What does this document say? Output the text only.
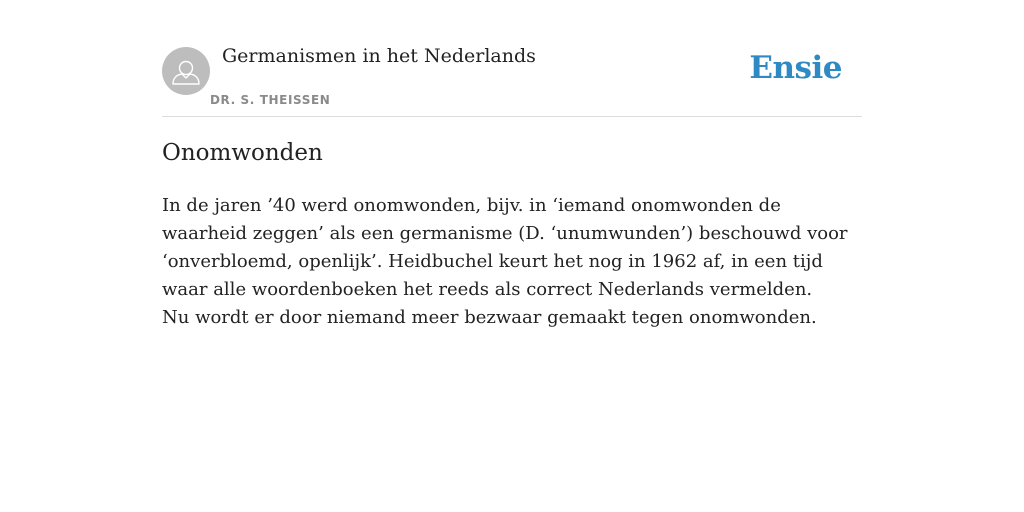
Germanismen in het Nederlands
DR. S. THEISSEN
Ensie
Onomwonden

In de jaren ’40 werd onomwonden, bijv. in ‘iemand onomwonden de waarheid zeggen’ als een germanisme (D. ‘unumwunden’) beschouwd voor ‘onverbloemd, openlijk’. Heidbuchel keurt het nog in 1962 af, in een tijd waar alle woordenboeken het reeds als correct Nederlands vermelden.

Nu wordt er door niemand meer bezwaar gemaakt tegen onomwonden.
